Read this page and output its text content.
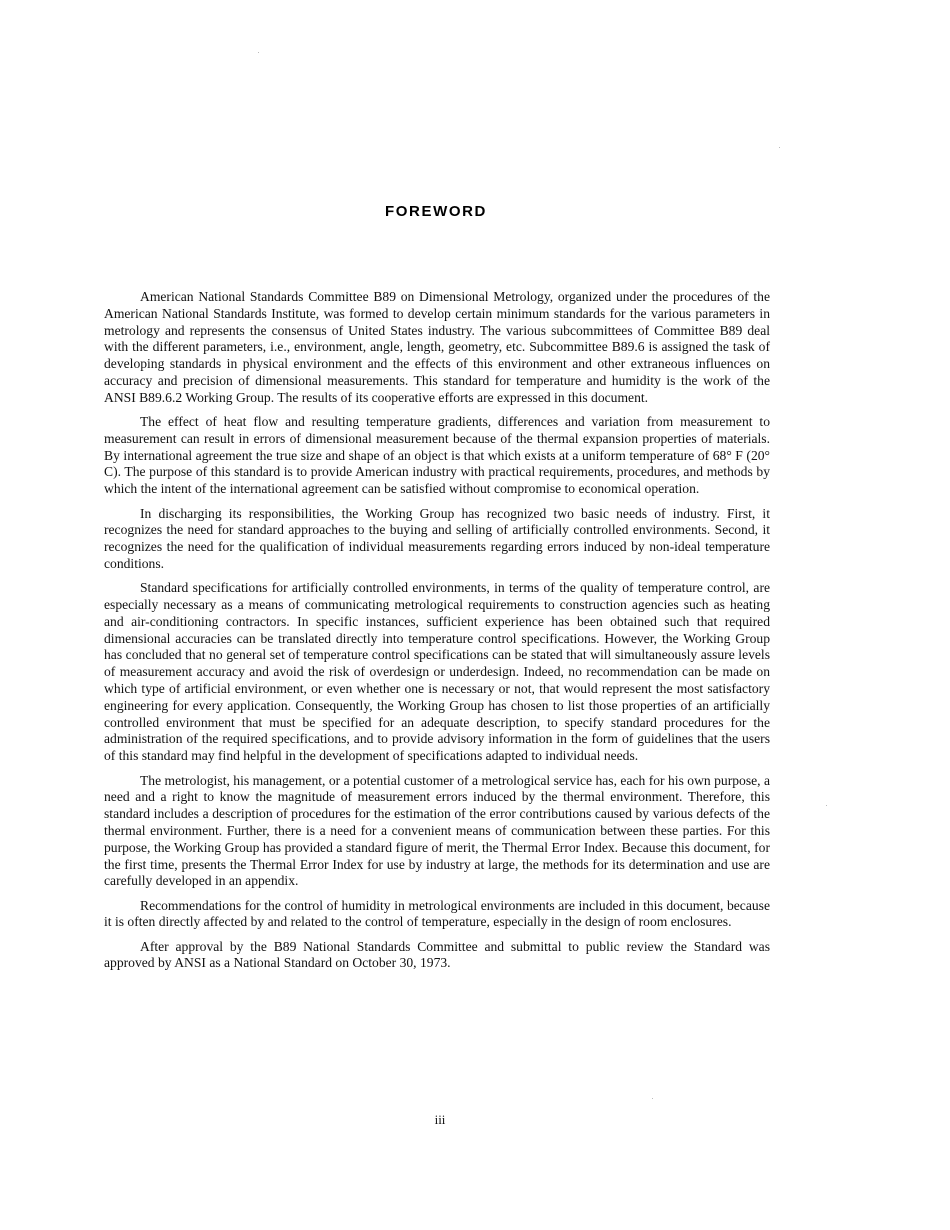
FOREWORD

American National Standards Committee B89 on Dimensional Metrology, organized under the procedures of the American National Standards Institute, was formed to develop certain minimum standards for the various parameters in metrology and represents the consensus of United States industry. The various subcommittees of Committee B89 deal with the different parameters, i.e., environment, angle, length, geometry, etc. Subcommittee B89.6 is assigned the task of developing standards in physical environment and the effects of this environment and other extraneous influences on accuracy and precision of dimensional measurements. This standard for temperature and humidity is the work of the ANSI B89.6.2 Working Group. The results of its cooperative efforts are expressed in this document.

The effect of heat flow and resulting temperature gradients, differences and variation from measurement to measurement can result in errors of dimensional measurement because of the thermal expansion properties of materials. By international agreement the true size and shape of an object is that which exists at a uniform temperature of 68° F (20° C). The purpose of this standard is to provide American industry with practical requirements, procedures, and methods by which the intent of the international agreement can be satisfied without compromise to economical operation.

In discharging its responsibilities, the Working Group has recognized two basic needs of industry. First, it recognizes the need for standard approaches to the buying and selling of artificially controlled environments. Second, it recognizes the need for the qualification of individual measurements regarding errors induced by non-ideal temperature conditions.

Standard specifications for artificially controlled environments, in terms of the quality of temperature control, are especially necessary as a means of communicating metrological requirements to construction agencies such as heating and air-conditioning contractors. In specific instances, sufficient experience has been obtained such that required dimensional accuracies can be translated directly into temperature control specifications. However, the Working Group has concluded that no general set of temperature control specifications can be stated that will simultaneously assure levels of measurement accuracy and avoid the risk of overdesign or underdesign. Indeed, no recommendation can be made on which type of artificial environment, or even whether one is necessary or not, that would represent the most satisfactory engineering for every application. Consequently, the Working Group has chosen to list those properties of an artificially controlled environment that must be specified for an adequate description, to specify standard procedures for the administration of the required specifications, and to provide advisory information in the form of guidelines that the users of this standard may find helpful in the development of specifications adapted to individual needs.

The metrologist, his management, or a potential customer of a metrological service has, each for his own purpose, a need and a right to know the magnitude of measurement errors induced by the thermal environment. Therefore, this standard includes a description of procedures for the estimation of the error contributions caused by various defects of the thermal environment. Further, there is a need for a convenient means of communication between these parties. For this purpose, the Working Group has provided a standard figure of merit, the Thermal Error Index. Because this document, for the first time, presents the Thermal Error Index for use by industry at large, the methods for its determination and use are carefully developed in an appendix.

Recommendations for the control of humidity in metrological environments are included in this document, because it is often directly affected by and related to the control of temperature, especially in the design of room enclosures.

After approval by the B89 National Standards Committee and submittal to public review the Standard was approved by ANSI as a National Standard on October 30, 1973.

iii
